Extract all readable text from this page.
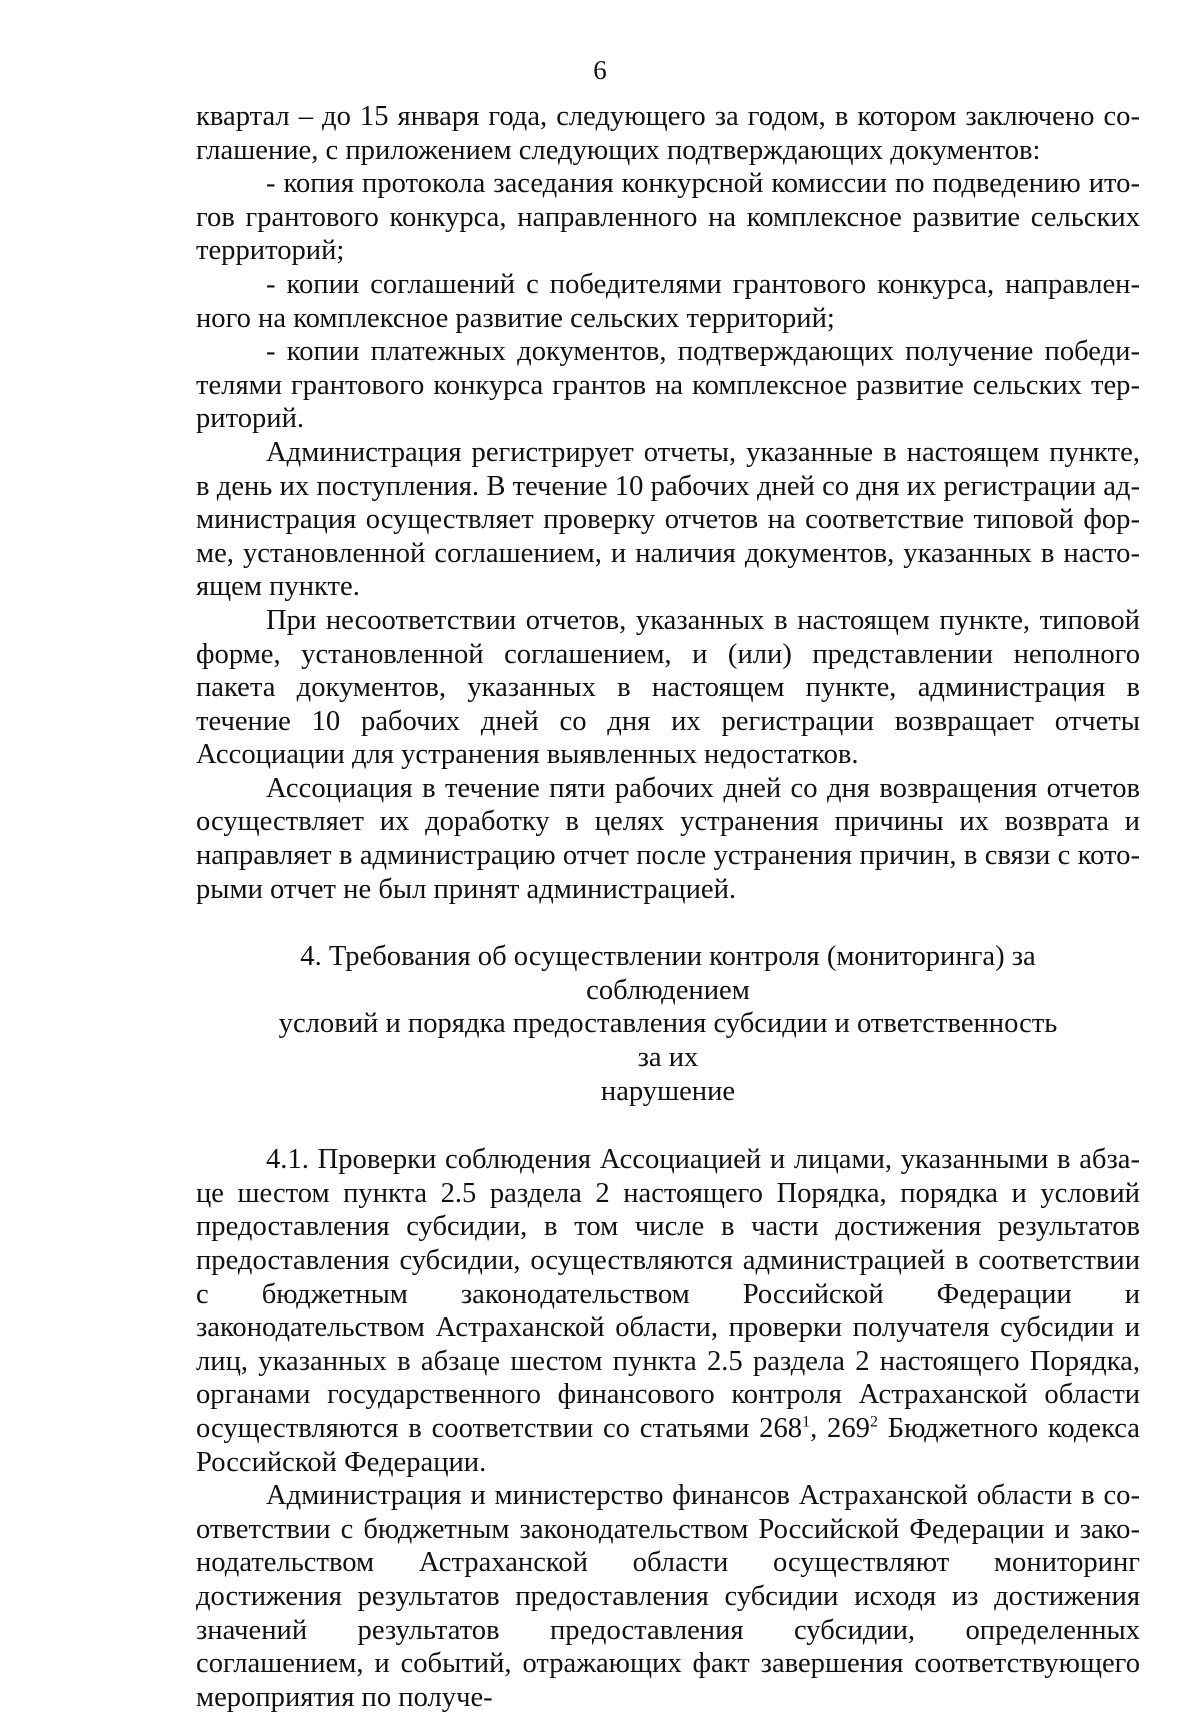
6

квартал – до 15 января года, следующего за годом, в котором заключено соглашение, с приложением следующих подтверждающих документов:

- копия протокола заседания конкурсной комиссии по подведению итогов грантового конкурса, направленного на комплексное развитие сельских территорий;

- копии соглашений с победителями грантового конкурса, направленного на комплексное развитие сельских территорий;

- копии платежных документов, подтверждающих получение победителями грантового конкурса грантов на комплексное развитие сельских территорий.

Администрация регистрирует отчеты, указанные в настоящем пункте, в день их поступления. В течение 10 рабочих дней со дня их регистрации администрация осуществляет проверку отчетов на соответствие типовой форме, установленной соглашением, и наличия документов, указанных в настоящем пункте.

При несоответствии отчетов, указанных в настоящем пункте, типовой форме, установленной соглашением, и (или) представлении неполного пакета документов, указанных в настоящем пункте, администрация в течение 10 рабочих дней со дня их регистрации возвращает отчеты Ассоциации для устранения выявленных недостатков.

Ассоциация в течение пяти рабочих дней со дня возвращения отчетов осуществляет их доработку в целях устранения причины их возврата и направляет в администрацию отчет после устранения причин, в связи с которыми отчет не был принят администрацией.

4. Требования об осуществлении контроля (мониторинга) за соблюдением
условий и порядка предоставления субсидии и ответственность за их
нарушение

4.1. Проверки соблюдения Ассоциацией и лицами, указанными в абзаце шестом пункта 2.5 раздела 2 настоящего Порядка, порядка и условий предоставления субсидии, в том числе в части достижения результатов предоставления субсидии, осуществляются администрацией в соответствии с бюджетным законодательством Российской Федерации и законодательством Астраханской области, проверки получателя субсидии и лиц, указанных в абзаце шестом пункта 2.5 раздела 2 настоящего Порядка, органами государственного финансового контроля Астраханской области осуществляются в соответствии со статьями $268^1$, $269^2$ Бюджетного кодекса Российской Федерации.

Администрация и министерство финансов Астраханской области в соответствии с бюджетным законодательством Российской Федерации и законодательством Астраханской области осуществляют мониторинг достижения результатов предоставления субсидии исходя из достижения значений результатов предоставления субсидии, определенных соглашением, и событий, отражающих факт завершения соответствующего мероприятия по получе-
